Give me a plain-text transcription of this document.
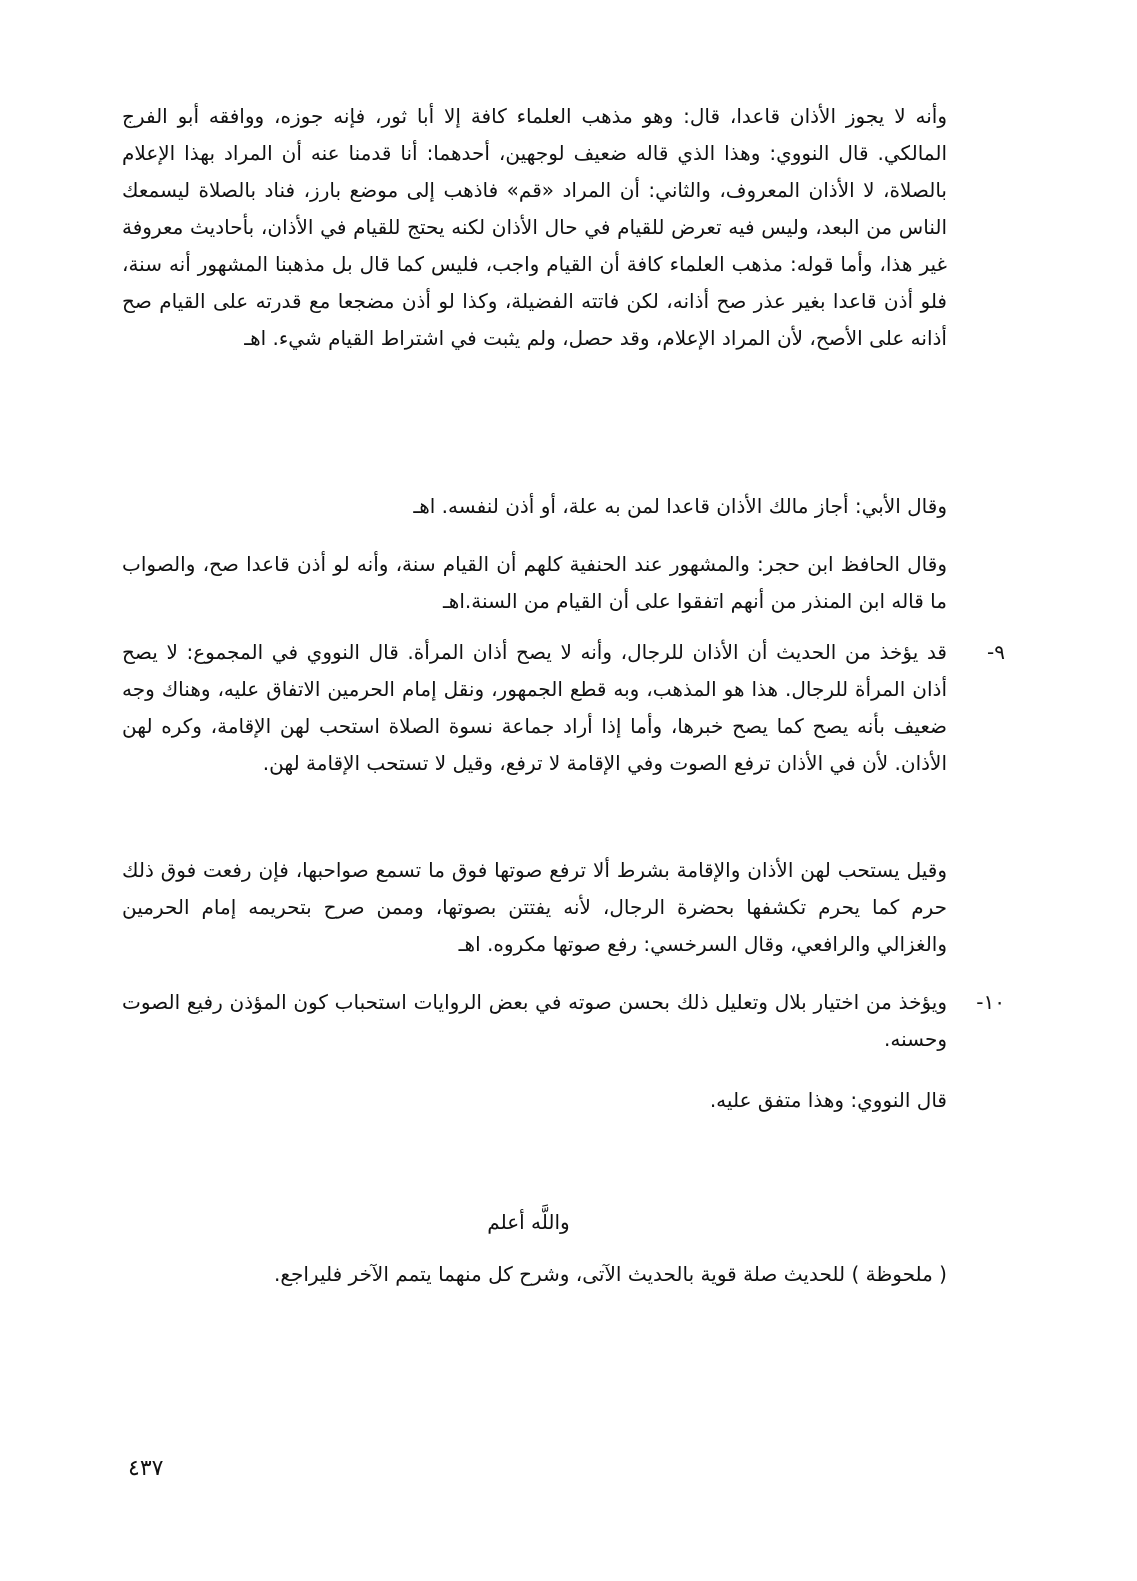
وأنه لا يجوز الأذان قاعدا، قال: وهو مذهب العلماء كافة إلا أبا ثور، فإنه جوزه، ووافقه أبو الفرج المالكي. قال النووي: وهذا الذي قاله ضعيف لوجهين، أحدهما: أنا قدمنا عنه أن المراد بهذا الإعلام بالصلاة، لا الأذان المعروف، والثاني: أن المراد «قم» فاذهب إلى موضع بارز، فناد بالصلاة ليسمعك الناس من البعد، وليس فيه تعرض للقيام في حال الأذان لكنه يحتج للقيام في الأذان، بأحاديث معروفة غير هذا، وأما قوله: مذهب العلماء كافة أن القيام واجب، فليس كما قال بل مذهبنا المشهور أنه سنة، فلو أذن قاعدا بغير عذر صح أذانه، لكن فاتته الفضيلة، وكذا لو أذن مضجعا مع قدرته على القيام صح أذانه على الأصح، لأن المراد الإعلام، وقد حصل، ولم يثبت في اشتراط القيام شيء. اهـ
وقال الأبي: أجاز مالك الأذان قاعدا لمن به علة، أو أذن لنفسه. اهـ
وقال الحافظ ابن حجر: والمشهور عند الحنفية كلهم أن القيام سنة، وأنه لو أذن قاعدا صح، والصواب ما قاله ابن المنذر من أنهم اتفقوا على أن القيام من السنة.اهـ
٩-
قد يؤخذ من الحديث أن الأذان للرجال، وأنه لا يصح أذان المرأة. قال النووي في المجموع: لا يصح أذان المرأة للرجال. هذا هو المذهب، وبه قطع الجمهور، ونقل إمام الحرمين الاتفاق عليه، وهناك وجه ضعيف بأنه يصح كما يصح خبرها، وأما إذا أراد جماعة نسوة الصلاة استحب لهن الإقامة، وكره لهن الأذان. لأن في الأذان ترفع الصوت وفي الإقامة لا ترفع، وقيل لا تستحب الإقامة لهن.
وقيل يستحب لهن الأذان والإقامة بشرط ألا ترفع صوتها فوق ما تسمع صواحبها، فإن رفعت فوق ذلك حرم كما يحرم تكشفها بحضرة الرجال، لأنه يفتتن بصوتها، وممن صرح بتحريمه إمام الحرمين والغزالي والرافعي، وقال السرخسي: رفع صوتها مكروه. اهـ
١٠-
ويؤخذ من اختيار بلال وتعليل ذلك بحسن صوته في بعض الروايات استحباب كون المؤذن رفيع الصوت وحسنه.
قال النووي: وهذا متفق عليه.
واللَّه أعلم
( ملحوظة ) للحديث صلة قوية بالحديث الآتى، وشرح كل منهما يتمم الآخر فليراجع.
٤٣٧
